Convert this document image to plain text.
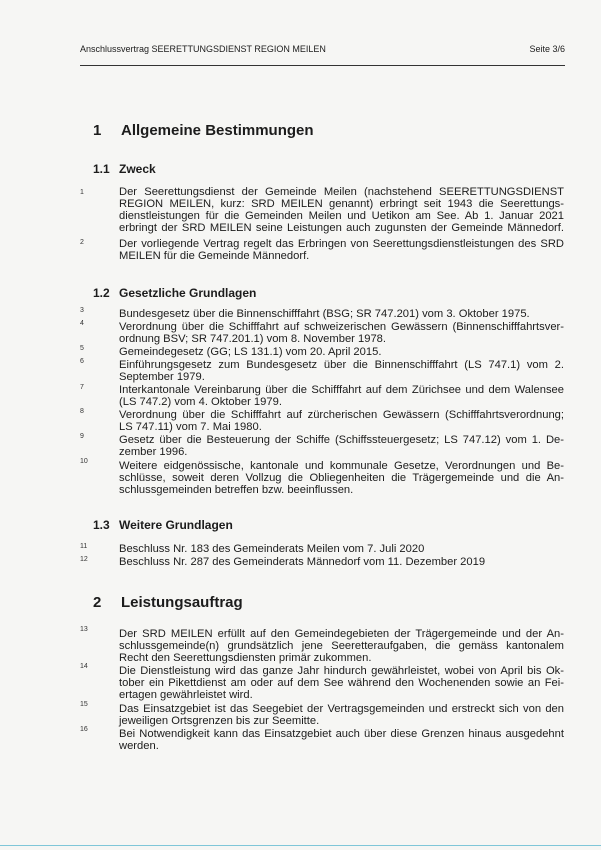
Anschlussvertrag SEERETTUNGSDIENST REGION MEILEN	Seite 3/6
1 Allgemeine Bestimmungen
1.1 Zweck
1	Der Seerettungsdienst der Gemeinde Meilen (nachstehend SEERETTUNGSDIENST
REGION MEILEN, kurz: SRD MEILEN genannt) erbringt seit 1943 die Seerettungs-
dienstleistungen für die Gemeinden Meilen und Uetikon am See. Ab 1. Januar 2021
erbringt der SRD MEILEN seine Leistungen auch zugunsten der Gemeinde Männedorf.
2	Der vorliegende Vertrag regelt das Erbringen von Seerettungsdienstleistungen des SRD
MEILEN für die Gemeinde Männedorf.
1.2 Gesetzliche Grundlagen
3	Bundesgesetz über die Binnenschifffahrt (BSG; SR 747.201) vom 3. Oktober 1975.
4	Verordnung über die Schifffahrt auf schweizerischen Gewässern (Binnenschifffahrtsver-
ordnung BSV; SR 747.201.1) vom 8. November 1978.
5	Gemeindegesetz (GG; LS 131.1) vom 20. April 2015.
6	Einführungsgesetz zum Bundesgesetz über die Binnenschifffahrt (LS 747.1) vom 2.
September 1979.
7	Interkantonale Vereinbarung über die Schifffahrt auf dem Zürichsee und dem Walensee
(LS 747.2) vom 4. Oktober 1979.
8	Verordnung über die Schifffahrt auf zürcherischen Gewässern (Schifffahrtsverordnung;
LS 747.11) vom 7. Mai 1980.
9	Gesetz über die Besteuerung der Schiffe (Schiffssteuergesetz; LS 747.12) vom 1. De-
zember 1996.
10	Weitere eidgenössische, kantonale und kommunale Gesetze, Verordnungen und Be-
schlüsse, soweit deren Vollzug die Obliegenheiten die Trägergemeinde und die An-
schlussgemeinden betreffen bzw. beeinflussen.
1.3 Weitere Grundlagen
11	Beschluss Nr. 183 des Gemeinderats Meilen vom 7. Juli 2020
12	Beschluss Nr. 287 des Gemeinderats Männedorf vom 11. Dezember 2019
2 Leistungsauftrag
13	Der SRD MEILEN erfüllt auf den Gemeindegebieten der Trägergemeinde und der An-
schlussgemeinde(n) grundsätzlich jene Seeretteraufgaben, die gemäss kantonalem
Recht den Seerettungsdiensten primär zukommen.
14	Die Dienstleistung wird das ganze Jahr hindurch gewährleistet, wobei von April bis Ok-
tober ein Pikettdienst am oder auf dem See während den Wochenenden sowie an Fei-
ertagen gewährleistet wird.
15	Das Einsatzgebiet ist das Seegebiet der Vertragsgemeinden und erstreckt sich von den
jeweiligen Ortsgrenzen bis zur Seemitte.
16	Bei Notwendigkeit kann das Einsatzgebiet auch über diese Grenzen hinaus ausgedehnt
werden.
